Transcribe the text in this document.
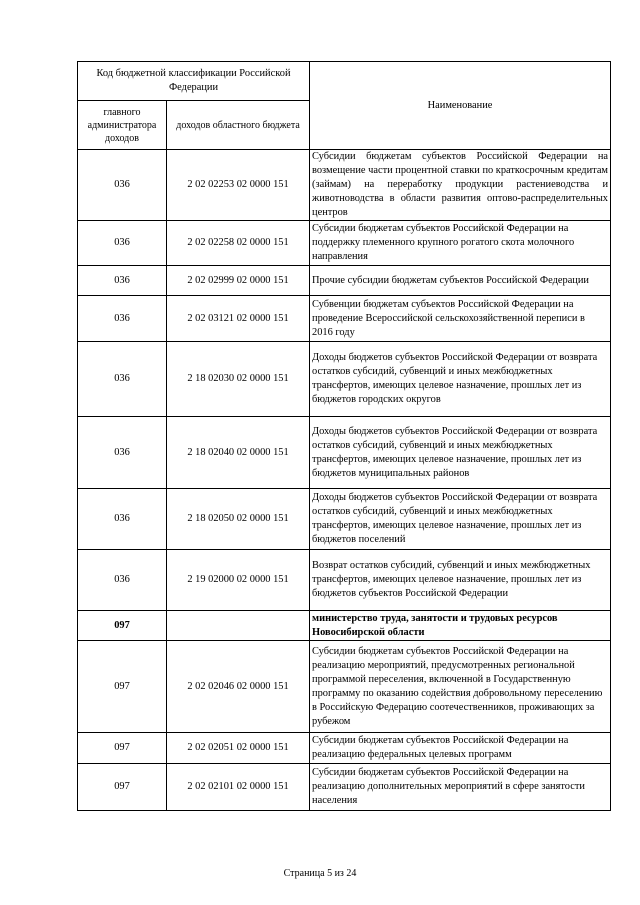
Код бюджетной классификации Российской Федерации		Наименование
главного администратора доходов	доходов областного бюджета	
036	2 02 02253 02 0000 151	Субсидии бюджетам субъектов Российской Федерации на возмещение части процентной ставки по краткосрочным кредитам (займам) на переработку продукции растениеводства и животноводства в области развития оптово-распределительных центров
036	2 02 02258 02 0000 151	Субсидии бюджетам субъектов Российской Федерации на поддержку племенного крупного рогатого скота молочного направления
036	2 02 02999 02 0000 151	Прочие субсидии бюджетам субъектов Российской Федерации
036	2 02 03121 02 0000 151	Субвенции бюджетам субъектов Российской Федерации на проведение Всероссийской сельскохозяйственной переписи в 2016 году
036	2 18 02030 02 0000 151	Доходы бюджетов субъектов Российской Федерации от возврата остатков субсидий, субвенций и иных межбюджетных трансфертов, имеющих целевое назначение, прошлых лет из бюджетов городских округов
036	2 18 02040 02 0000 151	Доходы бюджетов субъектов Российской Федерации от возврата остатков субсидий, субвенций и иных межбюджетных трансфертов, имеющих целевое назначение, прошлых лет из бюджетов муниципальных районов
036	2 18 02050 02 0000 151	Доходы бюджетов субъектов Российской Федерации от возврата остатков субсидий, субвенций и иных межбюджетных трансфертов, имеющих целевое назначение, прошлых лет из бюджетов поселений
036	2 19 02000 02 0000 151	Возврат остатков субсидий, субвенций и иных межбюджетных трансфертов, имеющих целевое назначение, прошлых лет из бюджетов субъектов Российской Федерации
097		министерство труда, занятости и трудовых ресурсов Новосибирской области
097	2 02 02046 02 0000 151	Субсидии бюджетам субъектов Российской Федерации на реализацию мероприятий, предусмотренных региональной программой переселения, включенной в Государственную программу по оказанию содействия добровольному переселению в Российскую Федерацию соотечественников, проживающих за рубежом
097	2 02 02051 02 0000 151	Субсидии бюджетам субъектов Российской Федерации на реализацию федеральных целевых программ
097	2 02 02101 02 0000 151	Субсидии бюджетам субъектов Российской Федерации на реализацию дополнительных мероприятий в сфере занятости населения
Страница 5 из 24
